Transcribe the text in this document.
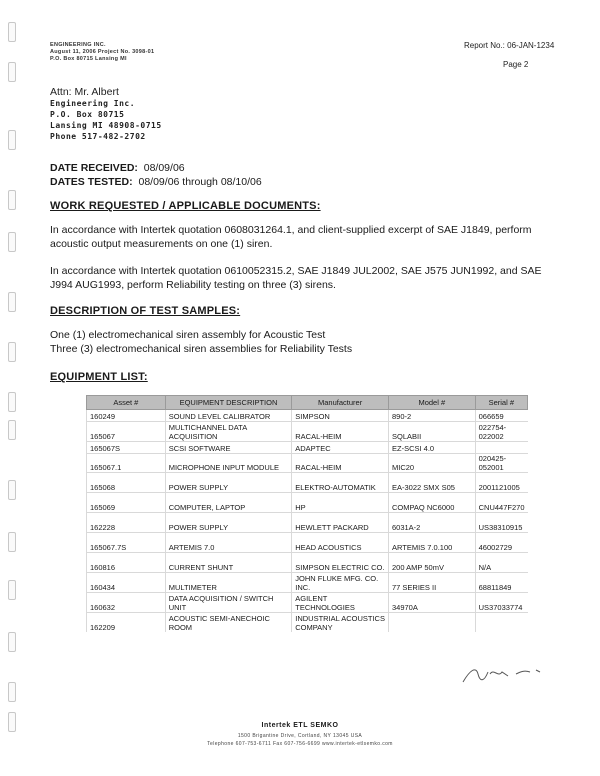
ENGINEERING INC.
August 11, 2006 Project No. 3098-01
P.O. Box 80715 Lansing MI
Report No.: 06-JAN-1234
Page 2
Attn: Mr. Albert
Engineering Inc.
P.O. Box 80715
Lansing MI 48908-0715
Phone 517-482-2702
DATE RECEIVED: 08/09/06
DATES TESTED: 08/09/06 through 08/10/06
WORK REQUESTED / APPLICABLE DOCUMENTS:
In accordance with Intertek quotation 0608031264.1, and client-supplied excerpt of SAE J1849, perform acoustic output measurements on one (1) siren.
In accordance with Intertek quotation 0610052315.2, SAE J1849 JUL2002, SAE J575 JUN1992, and SAE J994 AUG1993, perform Reliability testing on three (3) sirens.
DESCRIPTION OF TEST SAMPLES:
One (1) electromechanical siren assembly for Acoustic Test
Three (3) electromechanical siren assemblies for Reliability Tests
EQUIPMENT LIST:
Asset #	EQUIPMENT DESCRIPTION	Manufacturer	Model #	Serial #
160249	SOUND LEVEL CALIBRATOR	SIMPSON	890-2	066659
165067	MULTICHANNEL DATA ACQUISITION	RACAL-HEIM	SQLABII	022754-022002
165067S	SCSI SOFTWARE	ADAPTEC	EZ-SCSI 4.0	
165067.1	MICROPHONE INPUT MODULE	RACAL-HEIM	MIC20	020425-052001
165068	POWER SUPPLY	ELEKTRO-AUTOMATIK	EA-3022 SMX S05	2001121005
165069	COMPUTER, LAPTOP	HP	COMPAQ NC6000	CNU447F270
162228	POWER SUPPLY	HEWLETT PACKARD	6031A-2	US38310915
165067.7S	ARTEMIS 7.0	HEAD ACOUSTICS	ARTEMIS 7.0.100	46002729
160816	CURRENT SHUNT	SIMPSON ELECTRIC CO.	200 AMP 50mV	N/A
160434	MULTIMETER	JOHN FLUKE MFG. CO. INC.	77 SERIES II	68811849
160632	DATA ACQUISITION / SWITCH UNIT	AGILENT TECHNOLOGIES	34970A	US37033774
162209	ACOUSTIC SEMI-ANECHOIC ROOM	INDUSTRIAL ACOUSTICS COMPANY		
Intertek ETL SEMKO
1500 Brigantine Drive, Cortland, NY 13045 USA
Telephone 607-753-6711 Fax 607-756-6699 www.intertek-etlsemko.com
